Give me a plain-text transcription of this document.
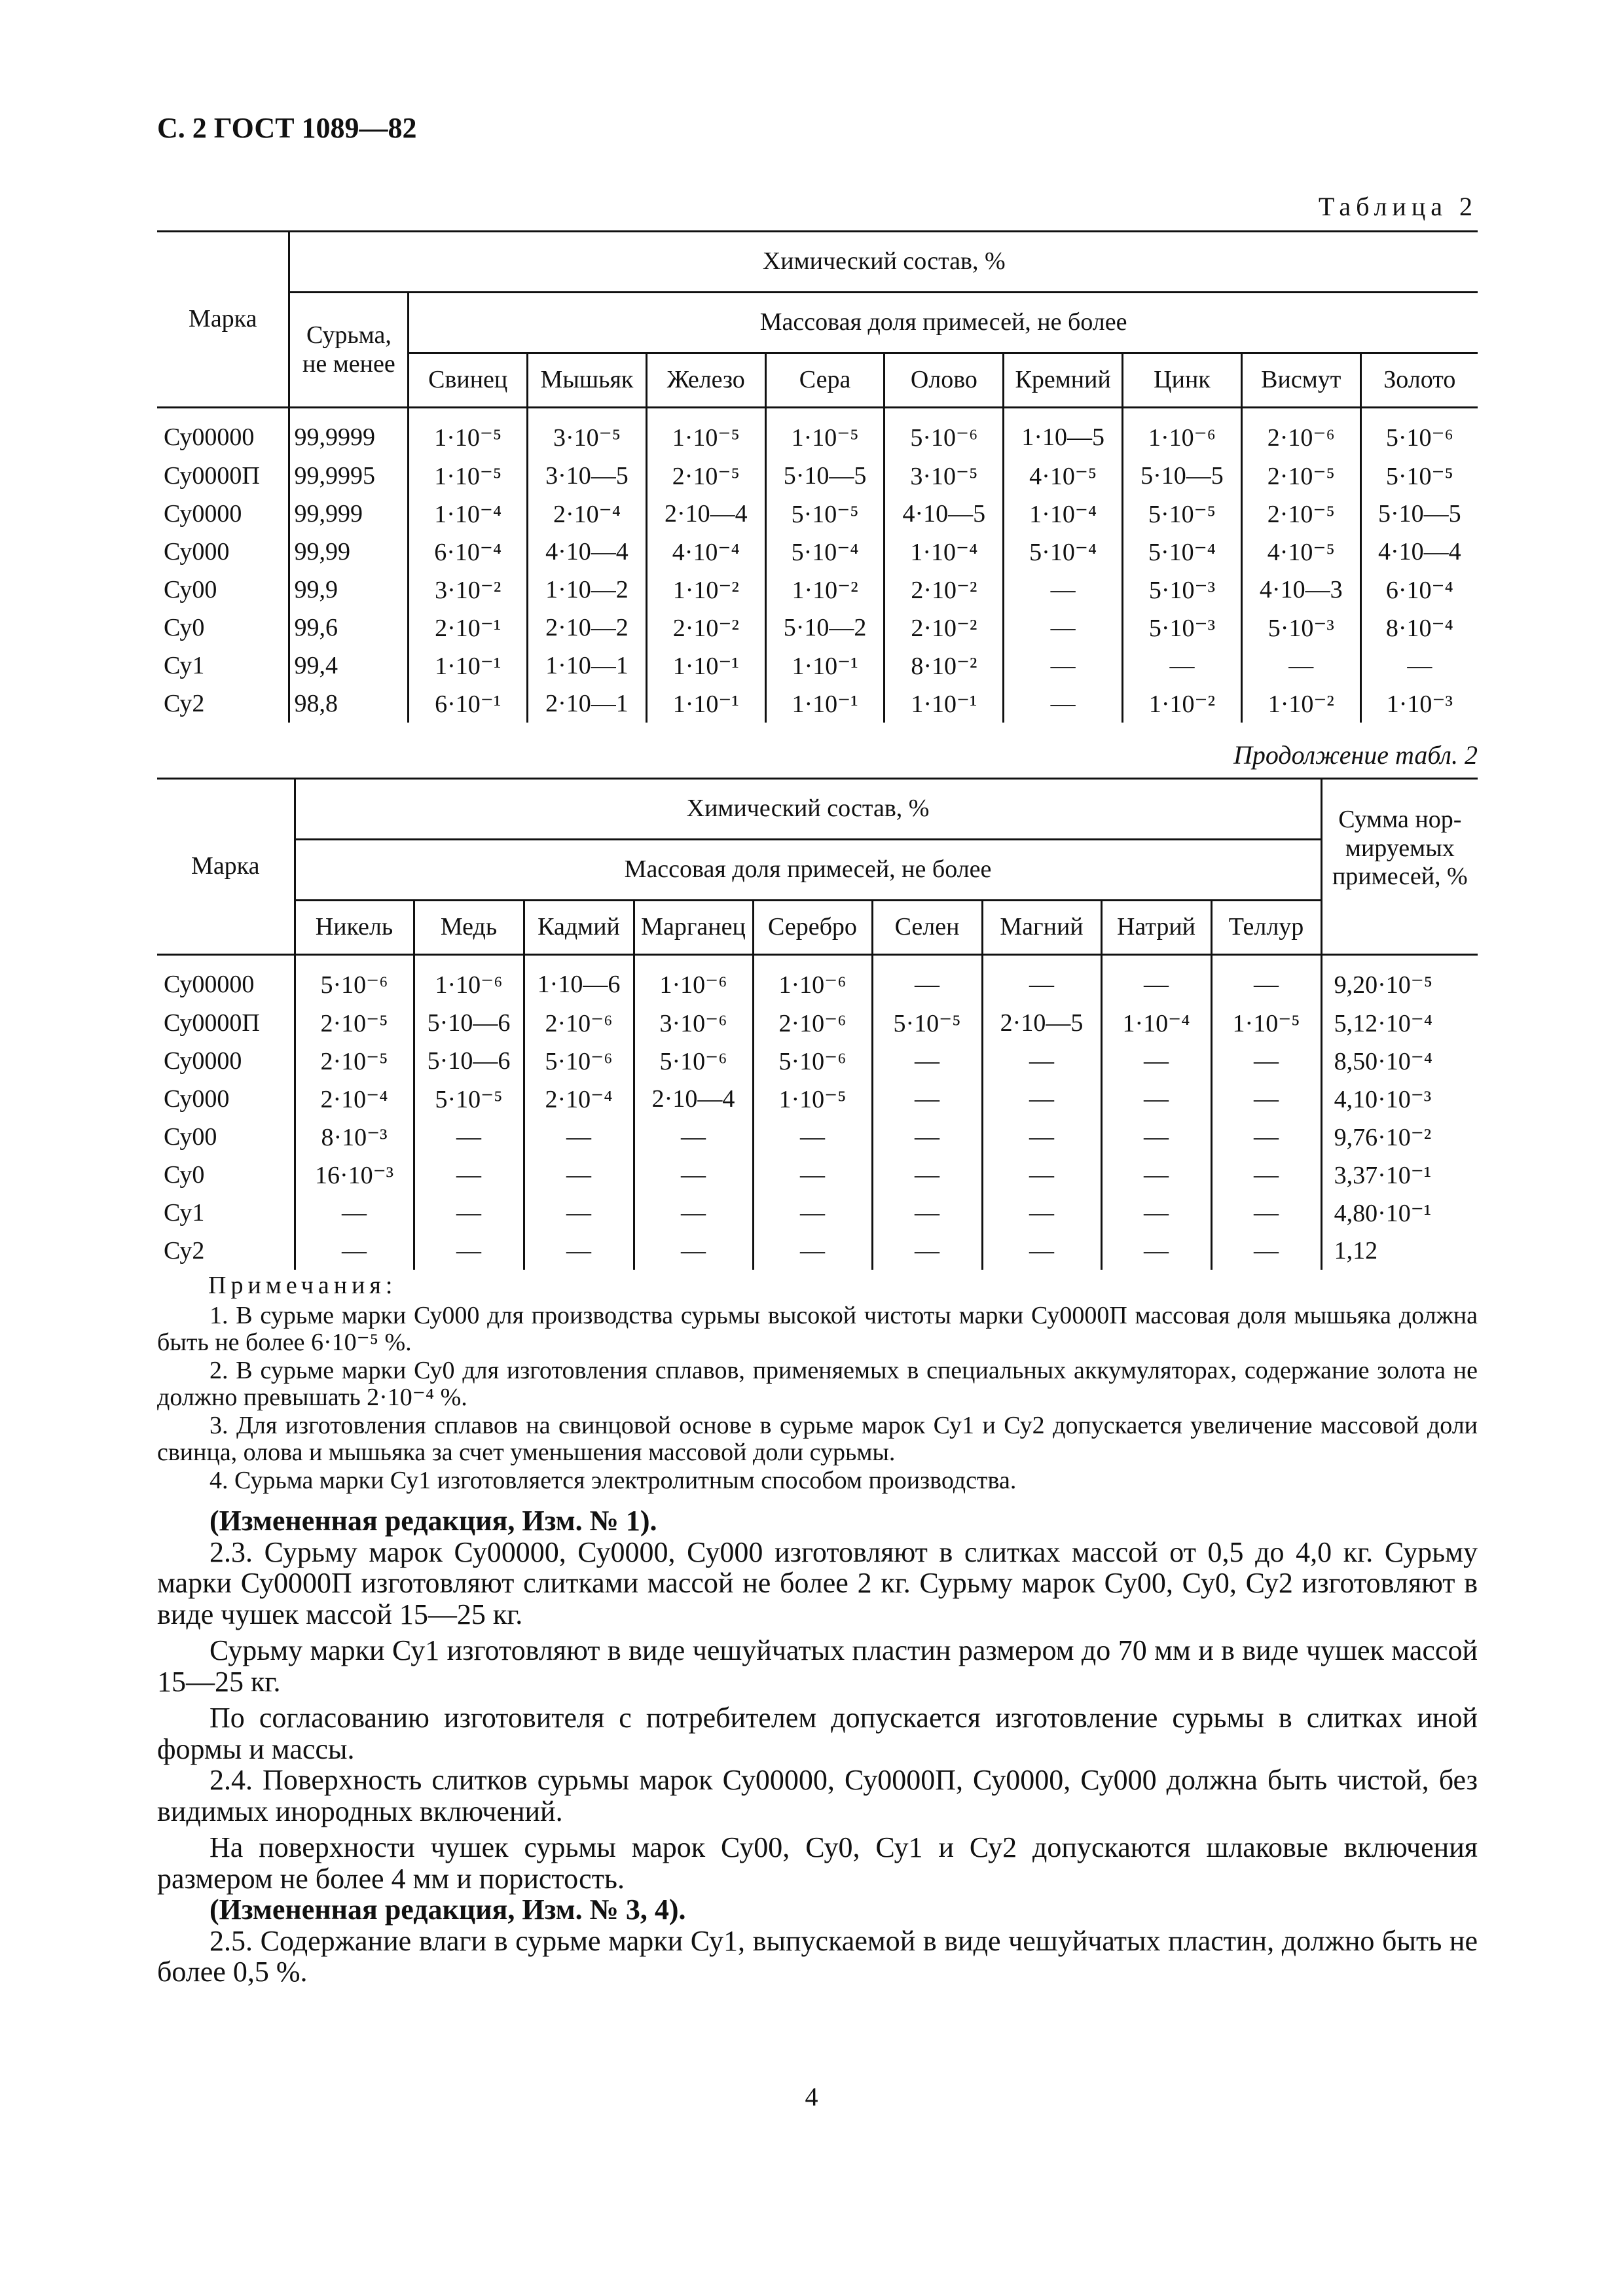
С. 2 ГОСТ 1089—82
Таблица 2
Марка	Химический состав, %									
	Сурьма, не менее	Массовая доля примесей, не более								
		Свинец	Мышьяк	Железо	Сера	Олово	Кремний	Цинк	Висмут	Золото
Су00000	99,9999	1·10⁻⁵	3·10⁻⁵	1·10⁻⁵	1·10⁻⁵	5·10⁻⁶	1·10—5	1·10⁻⁶	2·10⁻⁶	5·10⁻⁶
Су0000П	99,9995	1·10⁻⁵	3·10—5	2·10⁻⁵	5·10—5	3·10⁻⁵	4·10⁻⁵	5·10—5	2·10⁻⁵	5·10⁻⁵
Су0000	99,999	1·10⁻⁴	2·10⁻⁴	2·10—4	5·10⁻⁵	4·10—5	1·10⁻⁴	5·10⁻⁵	2·10⁻⁵	5·10—5
Су000	99,99	6·10⁻⁴	4·10—4	4·10⁻⁴	5·10⁻⁴	1·10⁻⁴	5·10⁻⁴	5·10⁻⁴	4·10⁻⁵	4·10—4
Су00	99,9	3·10⁻²	1·10—2	1·10⁻²	1·10⁻²	2·10⁻²	—	5·10⁻³	4·10—3	6·10⁻⁴
Су0	99,6	2·10⁻¹	2·10—2	2·10⁻²	5·10—2	2·10⁻²	—	5·10⁻³	5·10⁻³	8·10⁻⁴
Су1	99,4	1·10⁻¹	1·10—1	1·10⁻¹	1·10⁻¹	8·10⁻²	—	—	—	—
Су2	98,8	6·10⁻¹	2·10—1	1·10⁻¹	1·10⁻¹	1·10⁻¹	—	1·10⁻²	1·10⁻²	1·10⁻³
Продолжение табл. 2
Марка	Химический состав, %									Сумма нор-мируемых примесей, %
	Массовая доля примесей, не более									
	Никель	Медь	Кадмий	Марганец	Серебро	Селен	Магний	Натрий	Теллур	
Су00000	5·10⁻⁶	1·10⁻⁶	1·10—6	1·10⁻⁶	1·10⁻⁶	—	—	—	—	9,20·10⁻⁵
Су0000П	2·10⁻⁵	5·10—6	2·10⁻⁶	3·10⁻⁶	2·10⁻⁶	5·10⁻⁵	2·10—5	1·10⁻⁴	1·10⁻⁵	5,12·10⁻⁴
Су0000	2·10⁻⁵	5·10—6	5·10⁻⁶	5·10⁻⁶	5·10⁻⁶	—	—	—	—	8,50·10⁻⁴
Су000	2·10⁻⁴	5·10⁻⁵	2·10⁻⁴	2·10—4	1·10⁻⁵	—	—	—	—	4,10·10⁻³
Су00	8·10⁻³	—	—	—	—	—	—	—	—	9,76·10⁻²
Су0	16·10⁻³	—	—	—	—	—	—	—	—	3,37·10⁻¹
Су1	—	—	—	—	—	—	—	—	—	4,80·10⁻¹
Су2	—	—	—	—	—	—	—	—	—	1,12
Примечания:
1. В сурьме марки Су000 для производства сурьмы высокой чистоты марки Су0000П массовая доля мышьяка должна быть не более 6·10⁻⁵ %.
2. В сурьме марки Су0 для изготовления сплавов, применяемых в специальных аккумуляторах, содержание золота не должно превышать 2·10⁻⁴ %.
3. Для изготовления сплавов на свинцовой основе в сурьме марок Су1 и Су2 допускается увеличение массовой доли свинца, олова и мышьяка за счет уменьшения массовой доли сурьмы.
4. Сурьма марки Су1 изготовляется электролитным способом производства.
(Измененная редакция, Изм. № 1).
2.3. Сурьму марок Су00000, Су0000, Су000 изготовляют в слитках массой от 0,5 до 4,0 кг. Сурьму марки Су0000П изготовляют слитками массой не более 2 кг. Сурьму марок Су00, Су0, Су2 изготовляют в виде чушек массой 15—25 кг.
Сурьму марки Су1 изготовляют в виде чешуйчатых пластин размером до 70 мм и в виде чушек массой 15—25 кг.
По согласованию изготовителя с потребителем допускается изготовление сурьмы в слитках иной формы и массы.
2.4. Поверхность слитков сурьмы марок Су00000, Су0000П, Су0000, Су000 должна быть чистой, без видимых инородных включений.
На поверхности чушек сурьмы марок Су00, Су0, Су1 и Су2 допускаются шлаковые включения размером не более 4 мм и пористость.
(Измененная редакция, Изм. № 3, 4).
2.5. Содержание влаги в сурьме марки Су1, выпускаемой в виде чешуйчатых пластин, должно быть не более 0,5 %.
4
